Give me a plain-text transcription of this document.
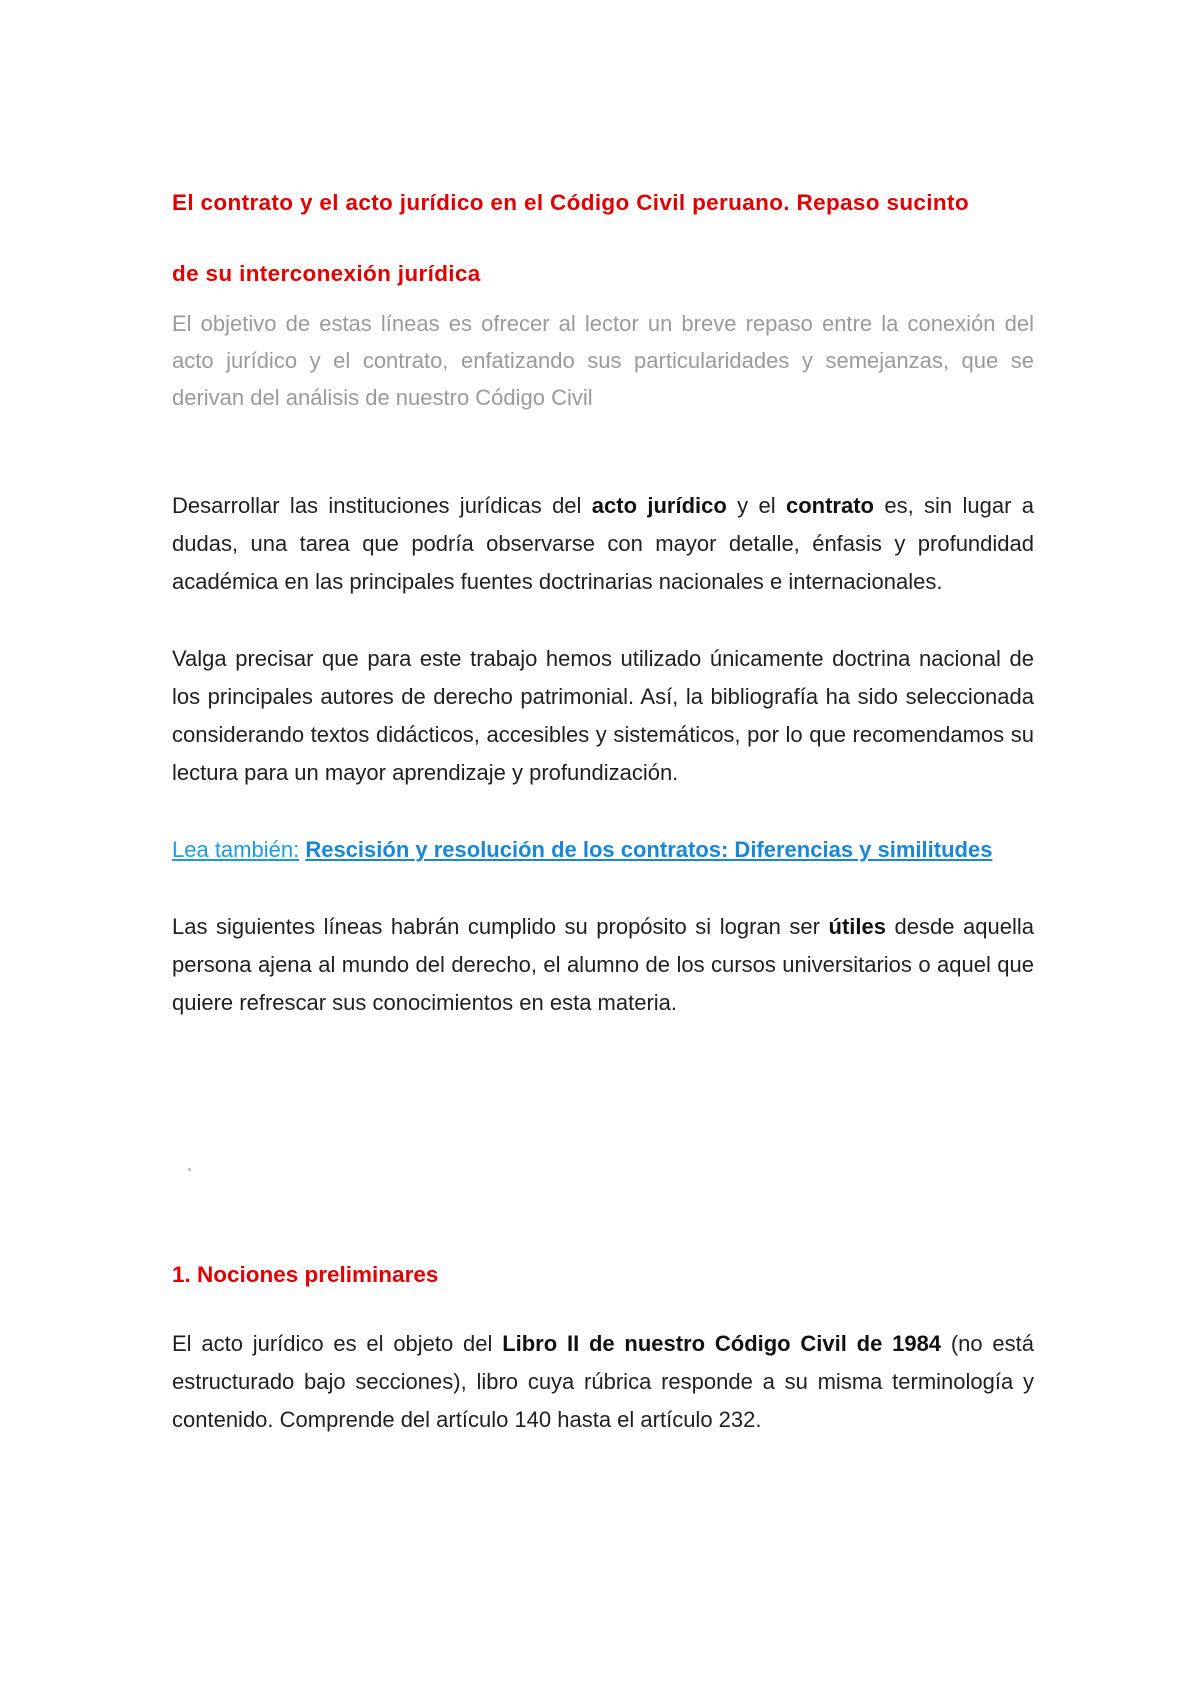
El contrato y el acto jurídico en el Código Civil peruano. Repaso sucinto

de su interconexión jurídica

El objetivo de estas líneas es ofrecer al lector un breve repaso entre la conexión del acto jurídico y el contrato, enfatizando sus particularidades y semejanzas, que se derivan del análisis de nuestro Código Civil

Desarrollar las instituciones jurídicas del acto jurídico y el contrato es, sin lugar a dudas, una tarea que podría observarse con mayor detalle, énfasis y profundidad académica en las principales fuentes doctrinarias nacionales e internacionales.

Valga precisar que para este trabajo hemos utilizado únicamente doctrina nacional de los principales autores de derecho patrimonial. Así, la bibliografía ha sido seleccionada considerando textos didácticos, accesibles y sistemáticos, por lo que recomendamos su lectura para un mayor aprendizaje y profundización.

Lea también: Rescisión y resolución de los contratos: Diferencias y similitudes

Las siguientes líneas habrán cumplido su propósito si logran ser útiles desde aquella persona ajena al mundo del derecho, el alumno de los cursos universitarios o aquel que quiere refrescar sus conocimientos en esta materia.

1. Nociones preliminares

El acto jurídico es el objeto del Libro II de nuestro Código Civil de 1984 (no está estructurado bajo secciones), libro cuya rúbrica responde a su misma terminología y contenido. Comprende del artículo 140 hasta el artículo 232.
